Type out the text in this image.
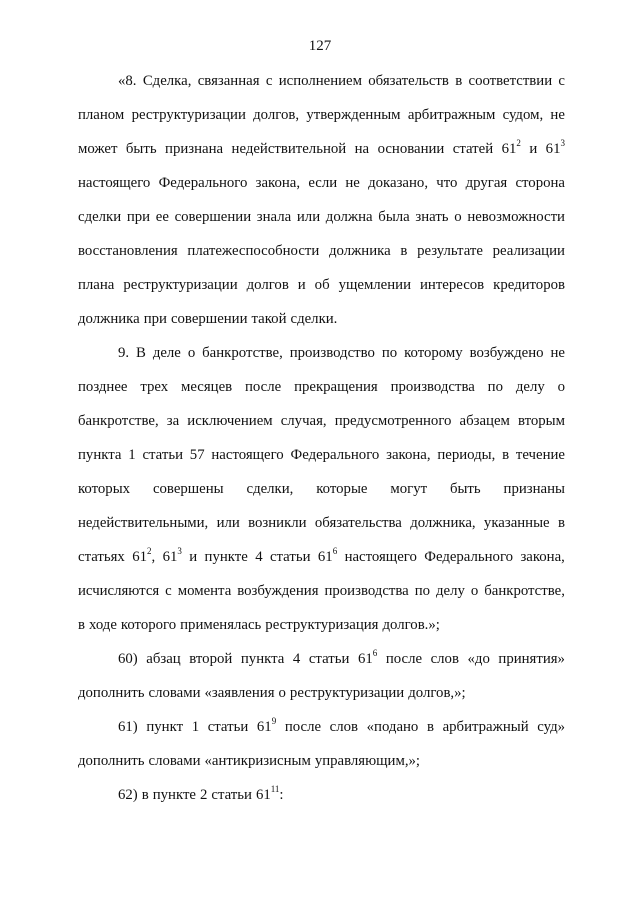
127
«8. Сделка, связанная с исполнением обязательств в соответствии с
планом реструктуризации долгов, утвержденным арбитражным судом, не
может быть признана недействительной на основании статей $61^2$ и $61^3$
настоящего Федерального закона, если не доказано, что другая сторона
сделки при ее совершении знала или должна была знать о невозможности
восстановления платежеспособности должника в результате реализации
плана реструктуризации долгов и об ущемлении интересов кредиторов
должника при совершении такой сделки.
9. В деле о банкротстве, производство по которому возбуждено не
позднее трех месяцев после прекращения производства по делу о
банкротстве, за исключением случая, предусмотренного абзацем вторым
пункта 1 статьи 57 настоящего Федерального закона, периоды, в течение
которых совершены сделки, которые могут быть признаны
недействительными, или возникли обязательства должника, указанные в
статьях $61^2$, $61^3$ и пункте 4 статьи $61^6$ настоящего Федерального закона,
исчисляются с момента возбуждения производства по делу о банкротстве,
в ходе которого применялась реструктуризация долгов.»;
60) абзац второй пункта 4 статьи $61^6$ после слов «до принятия»
дополнить словами «заявления о реструктуризации долгов,»;
61) пункт 1 статьи $61^9$ после слов «подано в арбитражный суд»
дополнить словами «антикризисным управляющим,»;
62) в пункте 2 статьи $61^{11}$:
